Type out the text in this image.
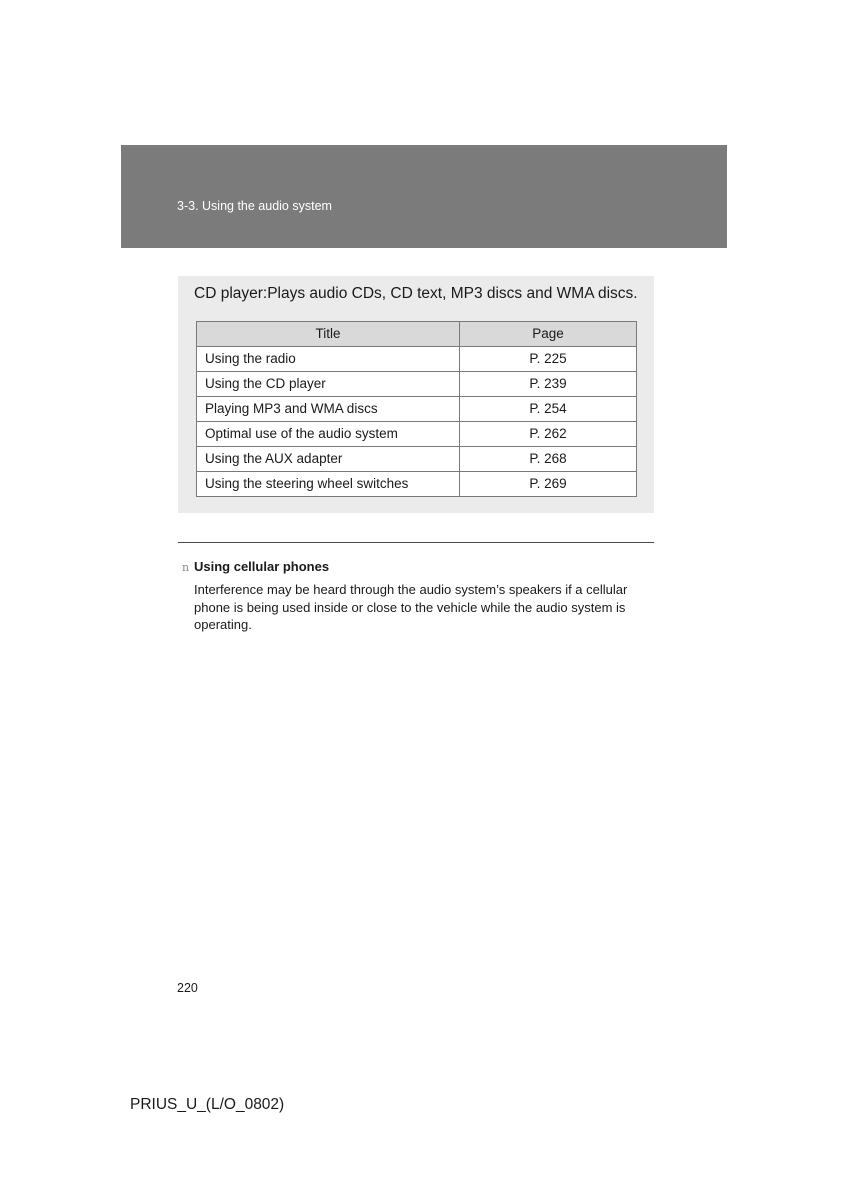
3-3. Using the audio system
CD player:Plays audio CDs, CD text, MP3 discs and WMA discs.
Title	Page
Using the radio	P. 225
Using the CD player	P. 239
Playing MP3 and WMA discs	P. 254
Optimal use of the audio system	P. 262
Using the AUX adapter	P. 268
Using the steering wheel switches	P. 269
n Using cellular phones
Interference may be heard through the audio system’s speakers if a cellular phone is being used inside or close to the vehicle while the audio system is operating.
220
PRIUS_U_(L/O_0802)
